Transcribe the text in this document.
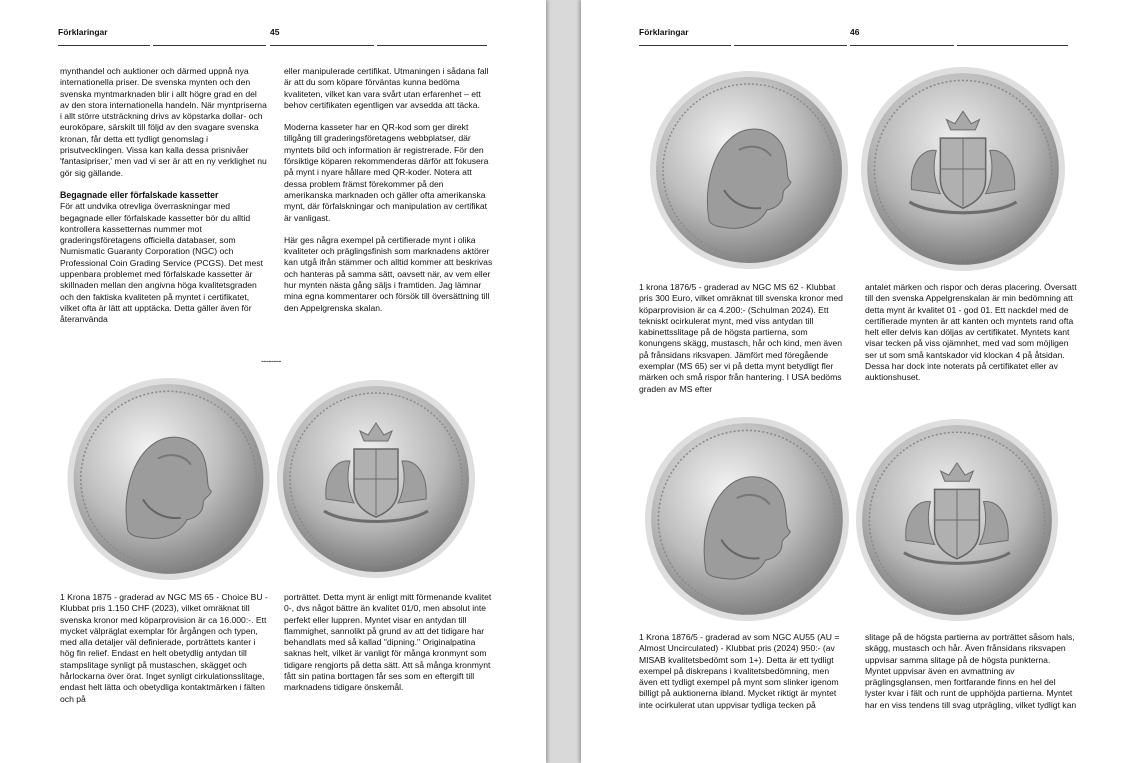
Förklaringar	45

mynthandel och auktioner och därmed uppnå nya internationella priser. De svenska mynten och den svenska myntmarknaden blir i allt högre grad en del av den stora internationella handeln. När myntpriserna i allt större utsträckning drivs av köpstarka dollar- och euroköpare, särskilt till följd av den svagare svenska kronan, får detta ett tydligt genomslag i prisutvecklingen. Vissa kan kalla dessa prisnivåer 'fantasipriser,' men vad vi ser är att en ny verklighet nu gör sig gällande.

Begagnade eller förfalskade kassetter
För att undvika otrevliga överraskningar med begagnade eller förfalskade kassetter bör du alltid kontrollera kassetternas nummer mot graderingsföretagens officiella databaser, som Numismatic Guaranty Corporation (NGC) och Professional Coin Grading Service (PCGS). Det mest uppenbara problemet med förfalskade kassetter är skillnaden mellan den angivna höga kvalitetsgraden och den faktiska kvaliteten på myntet i certifikatet, vilket ofta är lätt att upptäcka. Detta gäller även för återanvända

eller manipulerade certifikat. Utmaningen i sådana fall är att du som köpare förväntas kunna bedöma kvaliteten, vilket kan vara svårt utan erfarenhet – ett behov certifikaten egentligen var avsedda att täcka.

Moderna kasseter har en QR-kod som ger direkt tillgång till graderingsföretagens webbplatser, där myntets bild och information är registrerade. För den försiktige köparen rekommenderas därför att fokusera på mynt i nyare hållare med QR-koder. Notera att dessa problem främst förekommer på den amerikanska marknaden och gäller ofta amerikanska mynt, där förfalskningar och manipulation av certifikat är vanligast.

Här ges några exempel på certifierade mynt i olika kvaliteter och präglingsfinish som marknadens aktörer kan utgå ifrån stämmer och alltid kommer att beskrivas och hanteras på samma sätt, oavsett när, av vem eller hur mynten nästa gång säljs i framtiden. Jag lämnar mina egna kommentarer och försök till översättning till den Appelgrenska skalan.

--------
1 Krona 1875 - graderad av NGC MS 65 - Choice BU - Klubbat pris 1.150 CHF (2023), vilket omräknat till svenska kronor med köparprovision är ca 16.000:-. Ett mycket välpräglat exemplar för årgången och typen, med alla detaljer väl definierade, porträttets kanter i hög fin relief. Endast en helt obetydlig antydan till stampslitage synligt på mustaschen, skägget och hårlockarna över örat. Inget synligt cirkulationsslitage, endast helt lätta och obetydliga kontaktmärken i fälten och på
porträttet. Detta mynt är enligt mitt förmenande kvalitet 0-, dvs något bättre än kvalitet 01/0, men absolut inte perfekt eller luppren. Myntet visar en antydan till flammighet, sannolikt på grund av att det tidigare har behandlats med så kallad "dipning." Originalpatina saknas helt, vilket är vanligt för många kronmynt som tidigare rengjorts på detta sätt. Att så många kronmynt fått sin patina borttagen får ses som en eftergift till marknadens tidigare önskemål.
Förklaringar	46
1 krona 1876/5 - graderad av NGC MS 62 - Klubbat pris 300 Euro, vilket omräknat till svenska kronor med köparprovision är ca 4.200:- (Schulman 2024). Ett tekniskt ocirkulerat mynt, med viss antydan till kabinettsslitage på de högsta partierna, som konungens skägg, mustasch, hår och kind, men även på frånsidans riksvapen. Jämfört med föregående exemplar (MS 65) ser vi på detta mynt betydligt fler märken och små rispor från hantering. I USA bedöms graden av MS efter
antalet märken och rispor och deras placering. Översatt till den svenska Appelgrenskalan är min bedömning att detta mynt är kvalitet 01 - god 01. Ett nackdel med de certifierade mynten är att kanten och myntets rand ofta helt eller delvis kan döljas av certifikatet. Myntets kant visar tecken på viss ojämnhet, med vad som möjligen ser ut som små kantskador vid klockan 4 på åtsidan. Dessa har dock inte noterats på certifikatet eller av auktionshuset.
1 Krona 1876/5 - graderad av som NGC AU55 (AU = Almost Uncirculated) - Klubbat pris (2024) 950:- (av MISAB kvalitetsbedömt som 1+). Detta är ett tydligt exempel på diskrepans i kvalitetsbedömning, men även ett tydligt exempel på mynt som slinker igenom billigt på auktionerna ibland. Mycket riktigt är myntet inte ocirkulerat utan uppvisar tydliga tecken på
slitage på de högsta partierna av porträttet såsom hals, skägg, mustasch och hår. Även frånsidans riksvapen uppvisar samma slitage på de högsta punkterna. Myntet uppvisar även en avmattning av präglingsglansen, men fortfarande finns en hel del lyster kvar i fält och runt de upphöjda partierna. Myntet har en viss tendens till svag utprägling, vilket tydligt kan
